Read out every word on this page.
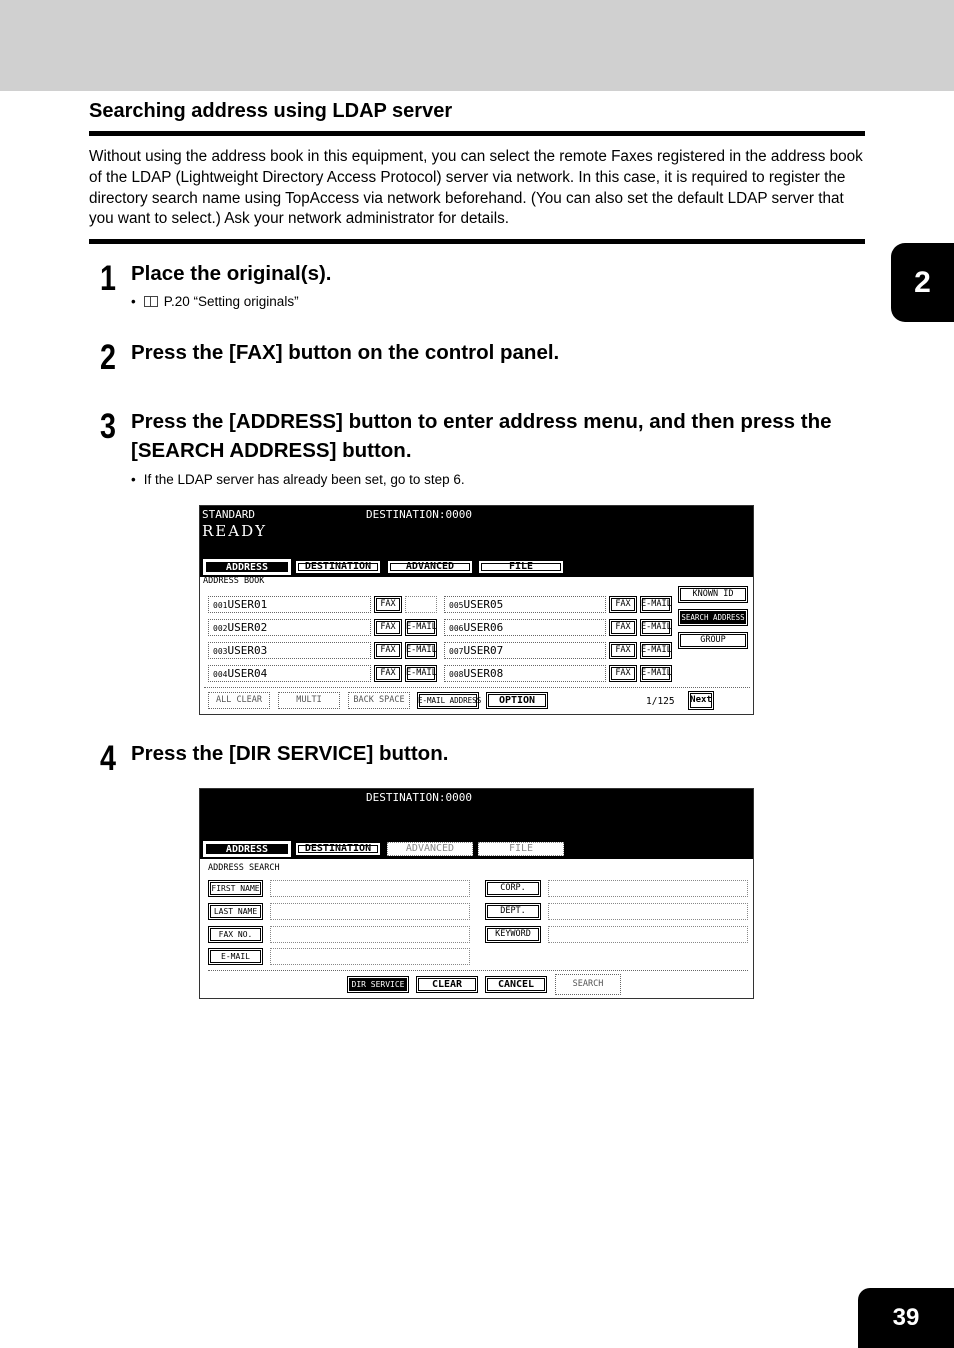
2
Searching address using LDAP server
Without using the address book in this equipment, you can select the remote Faxes registered in the address book of the LDAP (Lightweight Directory Access Protocol) server via network. In this case, it is required to register the directory search name using TopAccess via network beforehand. (You can also set the default LDAP server that you want to select.) Ask your network administrator for details.
1 Place the original(s).
• P.20 “Setting originals”
2 Press the [FAX] button on the control panel.
3 Press the [ADDRESS] button to enter address menu, and then press the [SEARCH ADDRESS] button.
• If the LDAP server has already been set, go to step 6.
STANDARD	DESTINATION:0000
READY
ADDRESS	DESTINATION	ADVANCED	FILE
ADDRESS BOOK
001USER01	FAX
002USER02	FAX	E-MAIL
003USER03	FAX	E-MAIL
004USER04	FAX	E-MAIL
005USER05	FAX	E-MAIL
006USER06	FAX	E-MAIL
007USER07	FAX	E-MAIL
008USER08	FAX	E-MAIL
KNOWN ID
SEARCH ADDRESS
GROUP
ALL CLEAR	MULTI	BACK SPACE	E-MAIL ADDRESS	OPTION	1/125 Next
4 Press the [DIR SERVICE] button.
DESTINATION:0000
ADDRESS	DESTINATION	ADVANCED	FILE
ADDRESS SEARCH
FIRST NAME
LAST NAME
FAX NO.
E-MAIL
CORP.
DEPT.
KEYWORD
DIR SERVICE	CLEAR	CANCEL	SEARCH
39
